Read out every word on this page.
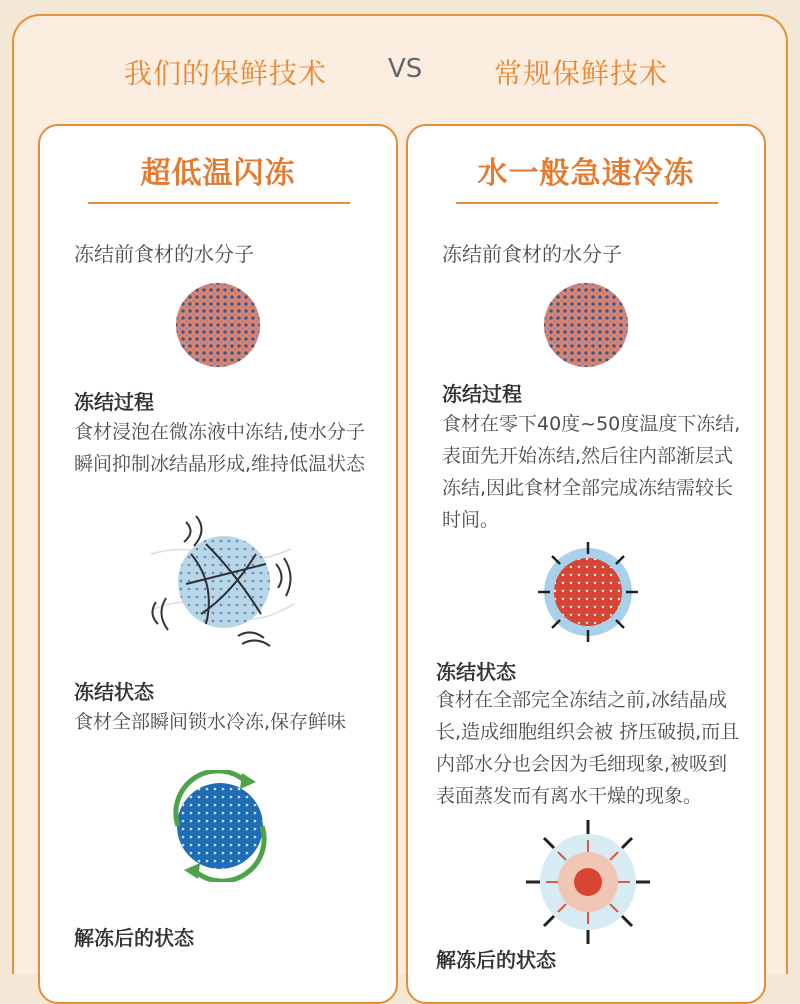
我们的保鲜技术 VS	常规保鲜技术
超低温闪冻
冻结前食材的水分子
冻结过程
食材浸泡在微冻液中冻结,使水分子瞬间抑制冰结晶形成,维持低温状态
冻结状态
食材全部瞬间锁水冷冻,保存鲜味
解冻后的状态
水一般急速冷冻
冻结前食材的水分子
冻结过程
食材在零下40度~50度温度下冻结,表面先开始冻结,然后往内部渐层式冻结,因此食材全部完成冻结需较长时间。
冻结状态
食材在全部完全冻结之前,冰结晶成长,造成细胞组织会被 挤压破损,而且内部水分也会因为毛细现象,被吸到表面蒸发而有离水干燥的现象。
解冻后的状态
